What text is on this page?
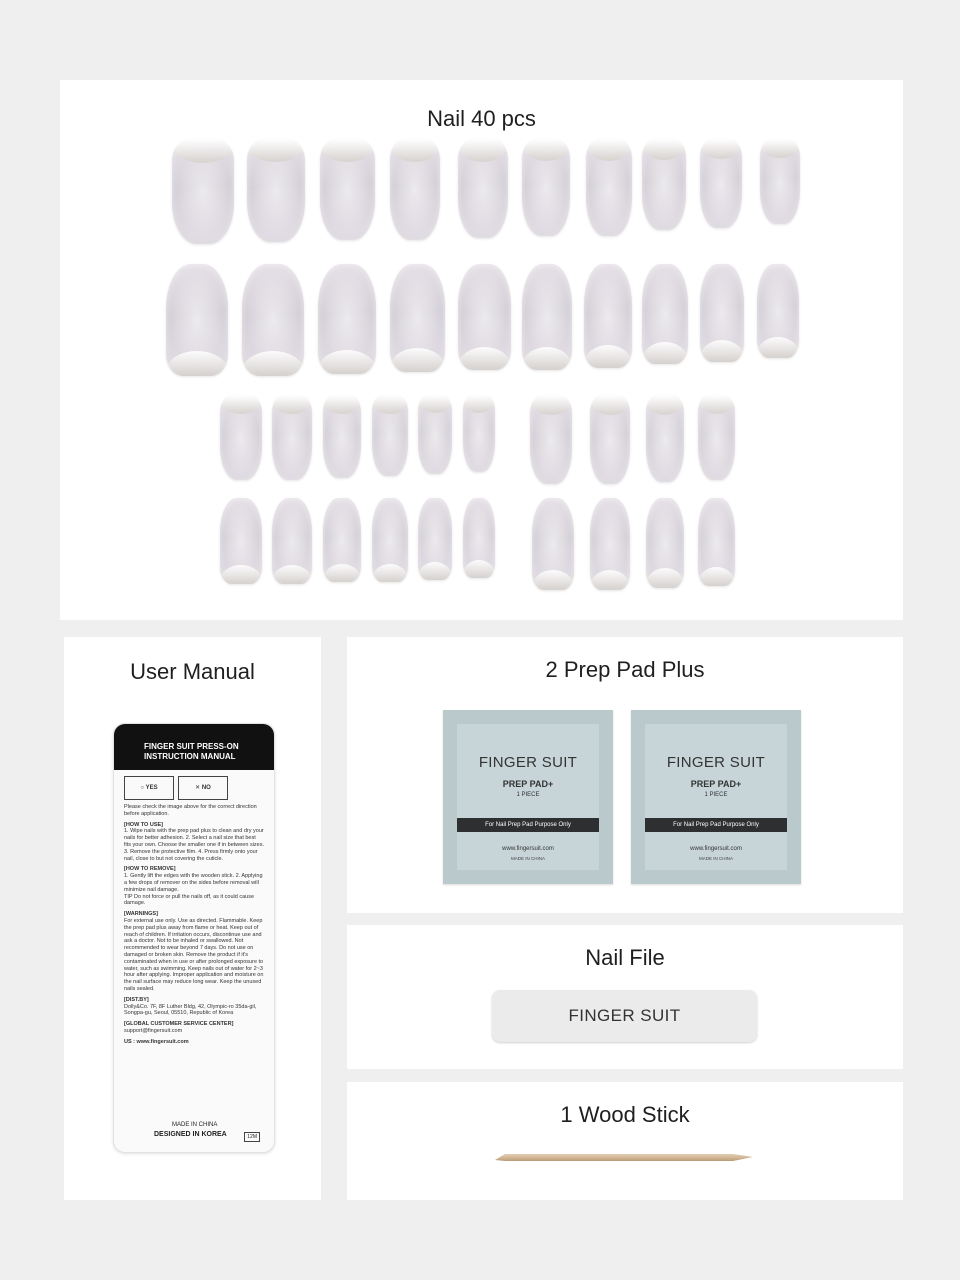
Nail 40 pcs
User Manual
FINGER SUIT PRESS-ON
INSTRUCTION MANUAL
○ YES	✕ NO
Please check the image above for the correct direction before application.
[HOW TO USE]
1. Wipe nails with the prep pad plus to clean and dry your nails for better adhesion. 2. Select a nail size that best fits your own. Choose the smaller one if in between sizes. 3. Remove the protective film. 4. Press firmly onto your nail, close to but not covering the cuticle.
[HOW TO REMOVE]
1. Gently lift the edges with the wooden stick. 2. Applying a few drops of remover on the sides before removal will minimize nail damage.
TIP Do not force or pull the nails off, as it could cause damage.
[WARNINGS]
For external use only. Use as directed. Flammable. Keep the prep pad plus away from flame or heat. Keep out of reach of children. If irritation occurs, discontinue use and ask a doctor. Not to be inhaled or swallowed. Not recommended to wear beyond 7 days. Do not use on damaged or broken skin. Remove the product if it's contaminated when in use or after prolonged exposure to water, such as swimming. Keep nails out of water for 2~3 hour after applying. Improper application and moisture on the nail surface may reduce long wear. Keep the unused nails sealed.
[DIST.BY]
Dolly&Co. 7F, 8F Luther Bldg, 42, Olympic-ro 35da-gil, Songpa-gu, Seoul, 05510, Republic of Korea
[GLOBAL CUSTOMER SERVICE CENTER]
support@fingersuit.com
US : www.fingersuit.com
MADE IN CHINA
DESIGNED IN KOREA	12M
2 Prep Pad Plus
FINGER SUIT
PREP PAD+
1 PIECE
For Nail Prep Pad Purpose Only
www.fingersuit.com
MADE IN CHINA
FINGER SUIT
PREP PAD+
1 PIECE
For Nail Prep Pad Purpose Only
www.fingersuit.com
MADE IN CHINA
Nail File
FINGER SUIT
1 Wood Stick
